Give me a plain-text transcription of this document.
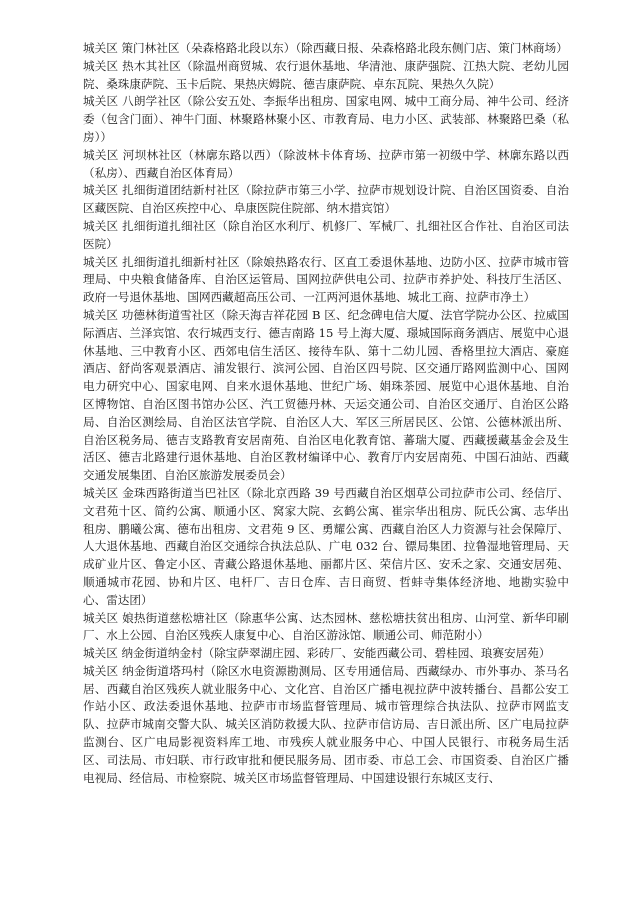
城关区 策门林社区（朵森格路北段以东）（除西藏日报、朵森格路北段东侧门店、策门林商场）

城关区 热木其社区（除温州商贸城、农行退休基地、华清池、康萨强院、江热大院、老幼儿园院、桑珠康萨院、玉卡后院、果热庆姆院、德吉康萨院、卓东瓦院、果热久久院）

城关区 八朗学社区（除公安五处、李振华出租房、国家电网、城中工商分局、神牛公司、经济委（包含门面）、神牛门面、林聚路林聚小区、市教育局、电力小区、武装部、林聚路巴桑（私房））

城关区 河坝林社区（林廓东路以西）（除波林卡体育场、拉萨市第一初级中学、林廓东路以西（私房）、西藏自治区体育局）

城关区 扎细街道团结新村社区（除拉萨市第三小学、拉萨市规划设计院、自治区国资委、自治区藏医院、自治区疾控中心、阜康医院住院部、纳木措宾馆）

城关区 扎细街道扎细社区（除自治区水利厅、机修厂、军械厂、扎细社区合作社、自治区司法医院）

城关区 扎细街道扎细新村社区（除娘热路农行、区直工委退休基地、边防小区、拉萨市城市管理局、中央粮食储备库、自治区运管局、国网拉萨供电公司、拉萨市养护处、科技厅生活区、政府一号退休基地、国网西藏超高压公司、一江两河退休基地、城北工商、拉萨市净土）

城关区 功德林街道雪社区（除天海吉祥花园 B 区、纪念碑电信大厦、法官学院办公区、拉威国际酒店、兰泽宾馆、农行城西支行、德吉南路 15 号上海大厦、璟城国际商务酒店、展览中心退休基地、三中教育小区、西郊电信生活区、接待车队、第十二幼儿园、香格里拉大酒店、豪庭酒店、舒尚客观景酒店、浦发银行、滨河公园、自治区四号院、区交通厅路网监测中心、国网电力研究中心、国家电网、自来水退休基地、世纪广场、娟珠茶园、展览中心退休基地、自治区博物馆、自治区图书馆办公区、汽工贸德丹林、天运交通公司、自治区交通厅、自治区公路局、自治区测绘局、自治区法官学院、自治区人大、军区三所居民区、公馆、公德林派出所、自治区税务局、德吉支路教育安居南苑、自治区电化教育馆、蕃瑞大厦、西藏援藏基金会及生活区、德吉北路建行退休基地、自治区教材编译中心、教育厅内安居南苑、中国石油站、西藏交通发展集团、自治区旅游发展委员会）

城关区 金珠西路街道当巴社区（除北京西路 39 号西藏自治区烟草公司拉萨市公司、经信厅、文君苑十区、简约公寓、顺通小区、窝家大院、玄鹤公寓、崔宗华出租房、阮氏公寓、志华出租房、鹏曦公寓、德布出租房、文君苑 9 区、勇耀公寓、西藏自治区人力资源与社会保障厅、人大退休基地、西藏自治区交通综合执法总队、广电 032 台、镖局集团、拉鲁湿地管理局、天成矿业片区、鲁定小区、青藏公路退休基地、丽都片区、荣信片区、安禾之家、交通安居苑、顺通城市花园、协和片区、电杆厂、吉日仓库、吉日商贸、哲蚌寺集体经济地、地勘实验中心、雷达团）

城关区 娘热街道慈松塘社区（除惠华公寓、达杰园林、慈松塘扶贫出租房、山河堂、新华印刷厂、水上公园、自治区残疾人康复中心、自治区游泳馆、顺通公司、师范附小）

城关区 纳金街道纳金村（除宝萨翠湖庄园、彩砖厂、安能西藏公司、碧桂园、琅赛安居苑）

城关区 纳金街道塔玛村（除区水电资源勘测局、区专用通信局、西藏绿办、市外事办、茶马名居、西藏自治区残疾人就业服务中心、文化宫、自治区广播电视拉萨中波转播台、昌都公安工作站小区、政法委退休基地、拉萨市市场监督管理局、城市管理综合执法队、拉萨市网监支队、拉萨市城南交警大队、城关区消防救援大队、拉萨市信访局、吉日派出所、区广电局拉萨监测台、区广电局影视资料库工地、市残疾人就业服务中心、中国人民银行、市税务局生活区、司法局、市妇联、市行政审批和便民服务局、团市委、市总工会、市国资委、自治区广播电视局、经信局、市检察院、城关区市场监督管理局、中国建设银行东城区支行、
